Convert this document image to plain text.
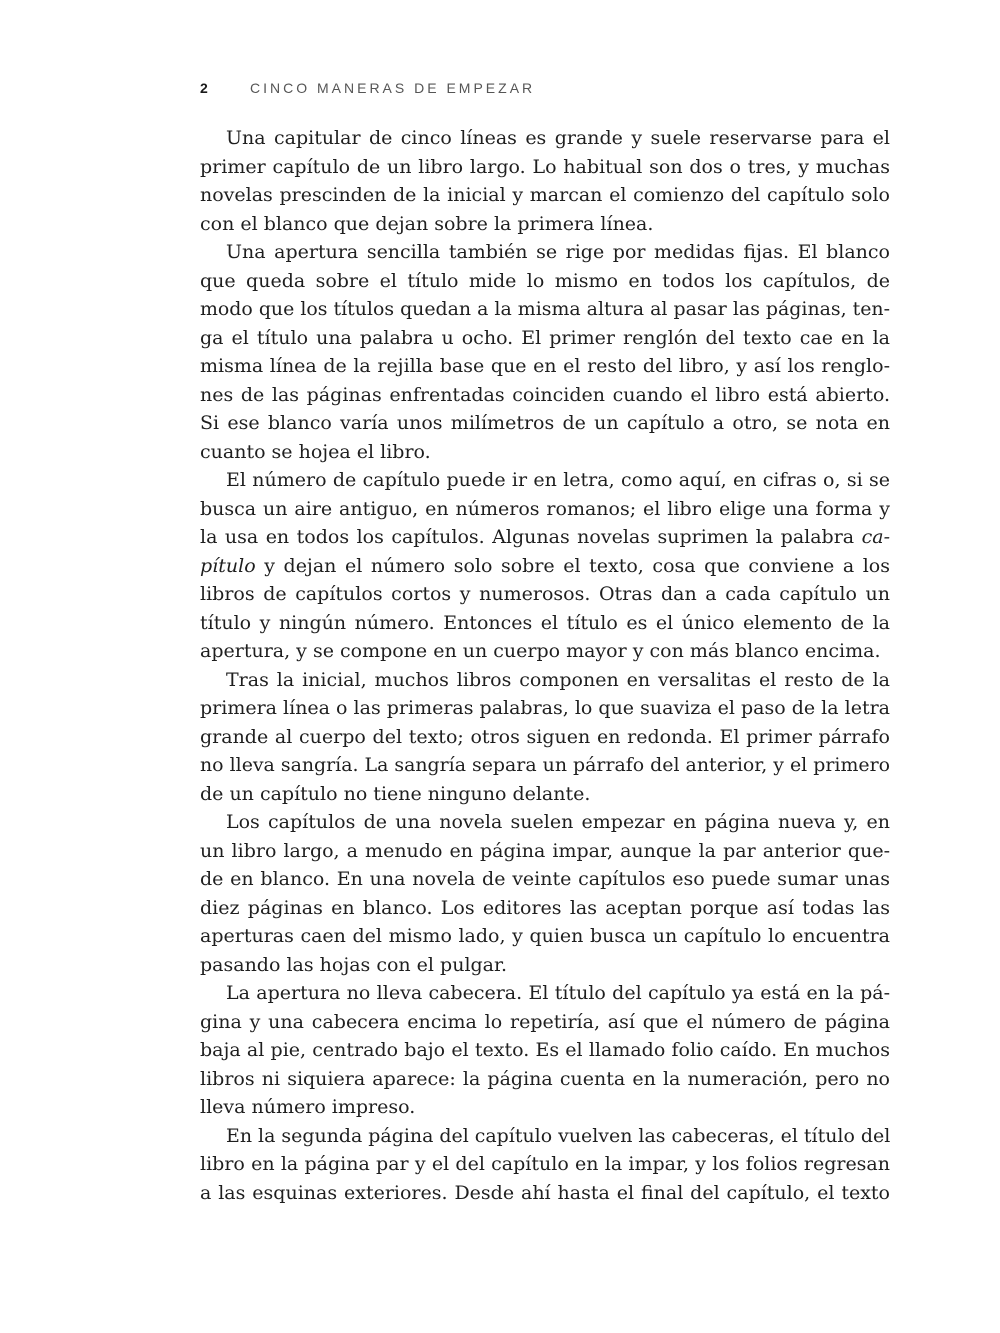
2	CINCO MANERAS DE EMPEZAR

Una capitular de cinco líneas es grande y suele reservarse para el
primer capítulo de un libro largo. Lo habitual son dos o tres, y muchas
novelas prescinden de la inicial y marcan el comienzo del capítulo solo
con el blanco que dejan sobre la primera línea.

Una apertura sencilla también se rige por medidas fijas. El blanco
que queda sobre el título mide lo mismo en todos los capítulos, de
modo que los títulos quedan a la misma altura al pasar las páginas, ten-
ga el título una palabra u ocho. El primer renglón del texto cae en la
misma línea de la rejilla base que en el resto del libro, y así los renglo-
nes de las páginas enfrentadas coinciden cuando el libro está abierto.
Si ese blanco varía unos milímetros de un capítulo a otro, se nota en
cuanto se hojea el libro.

El número de capítulo puede ir en letra, como aquí, en cifras o, si se
busca un aire antiguo, en números romanos; el libro elige una forma y
la usa en todos los capítulos. Algunas novelas suprimen la palabra ca-
pítulo y dejan el número solo sobre el texto, cosa que conviene a los
libros de capítulos cortos y numerosos. Otras dan a cada capítulo un
título y ningún número. Entonces el título es el único elemento de la
apertura, y se compone en un cuerpo mayor y con más blanco encima.

Tras la inicial, muchos libros componen en versalitas el resto de la
primera línea o las primeras palabras, lo que suaviza el paso de la letra
grande al cuerpo del texto; otros siguen en redonda. El primer párrafo
no lleva sangría. La sangría separa un párrafo del anterior, y el primero
de un capítulo no tiene ninguno delante.

Los capítulos de una novela suelen empezar en página nueva y, en
un libro largo, a menudo en página impar, aunque la par anterior que-
de en blanco. En una novela de veinte capítulos eso puede sumar unas
diez páginas en blanco. Los editores las aceptan porque así todas las
aperturas caen del mismo lado, y quien busca un capítulo lo encuentra
pasando las hojas con el pulgar.

La apertura no lleva cabecera. El título del capítulo ya está en la pá-
gina y una cabecera encima lo repetiría, así que el número de página
baja al pie, centrado bajo el texto. Es el llamado folio caído. En muchos
libros ni siquiera aparece: la página cuenta en la numeración, pero no
lleva número impreso.

En la segunda página del capítulo vuelven las cabeceras, el título del
libro en la página par y el del capítulo en la impar, y los folios regresan
a las esquinas exteriores. Desde ahí hasta el final del capítulo, el texto
